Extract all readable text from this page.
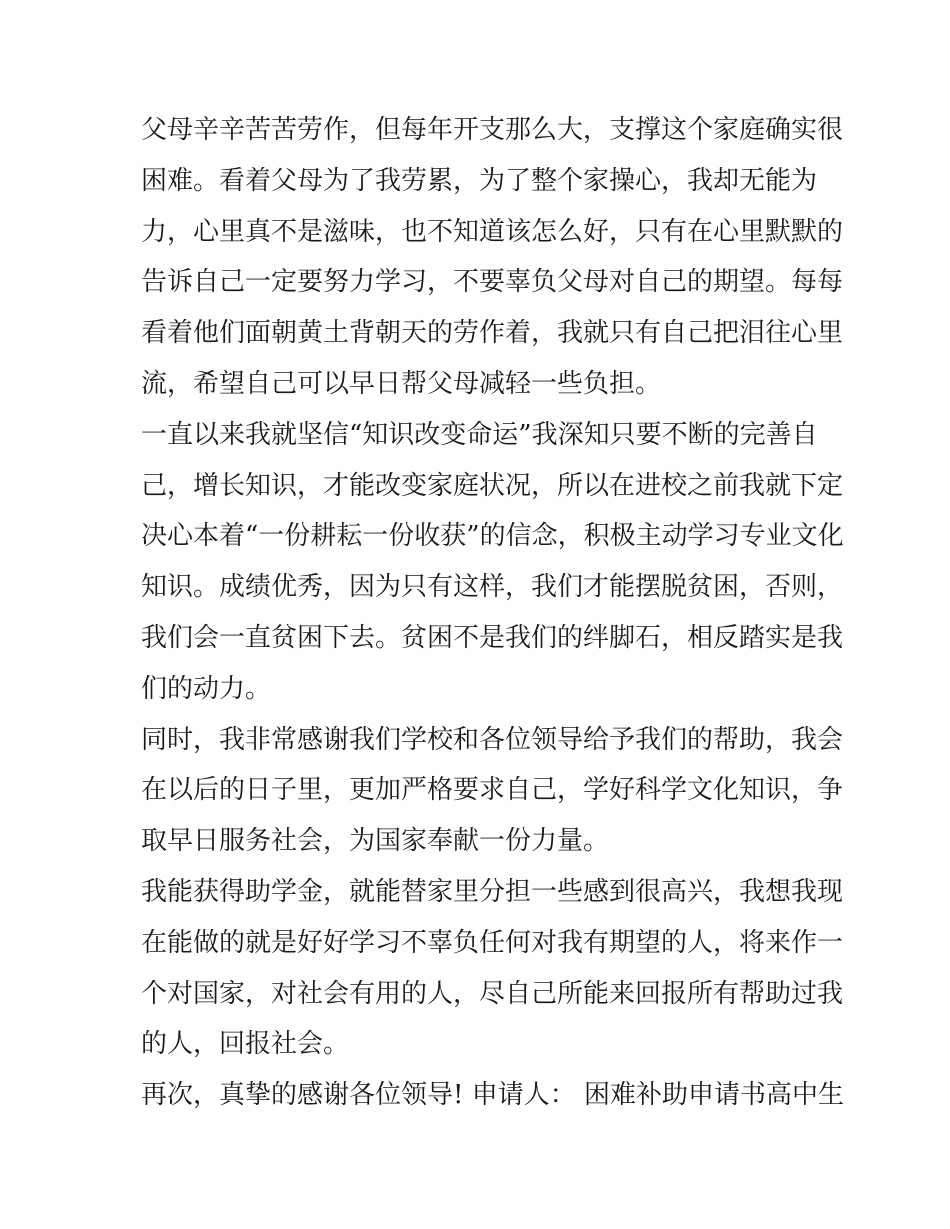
父母辛辛苦苦劳作，但每年开支那么大，支撑这个家庭确实很
困难。看着父母为了我劳累，为了整个家操心，我却无能为
力，心里真不是滋味，也不知道该怎么好，只有在心里默默的
告诉自己一定要努力学习，不要辜负父母对自己的期望。每每
看着他们面朝黄土背朝天的劳作着，我就只有自己把泪往心里
流，希望自己可以早日帮父母减轻一些负担。
一直以来我就坚信“知识改变命运”我深知只要不断的完善自
己，增长知识，才能改变家庭状况，所以在进校之前我就下定
决心本着“一份耕耘一份收获”的信念，积极主动学习专业文化
知识。成绩优秀，因为只有这样，我们才能摆脱贫困，否则，
我们会一直贫困下去。贫困不是我们的绊脚石，相反踏实是我
们的动力。
同时，我非常感谢我们学校和各位领导给予我们的帮助，我会
在以后的日子里，更加严格要求自己，学好科学文化知识，争
取早日服务社会，为国家奉献一份力量。
我能获得助学金，就能替家里分担一些感到很高兴，我想我现
在能做的就是好好学习不辜负任何对我有期望的人，将来作一
个对国家，对社会有用的人，尽自己所能来回报所有帮助过我
的人，回报社会。
再次，真挚的感谢各位领导! 申请人： 困难补助申请书高中生
